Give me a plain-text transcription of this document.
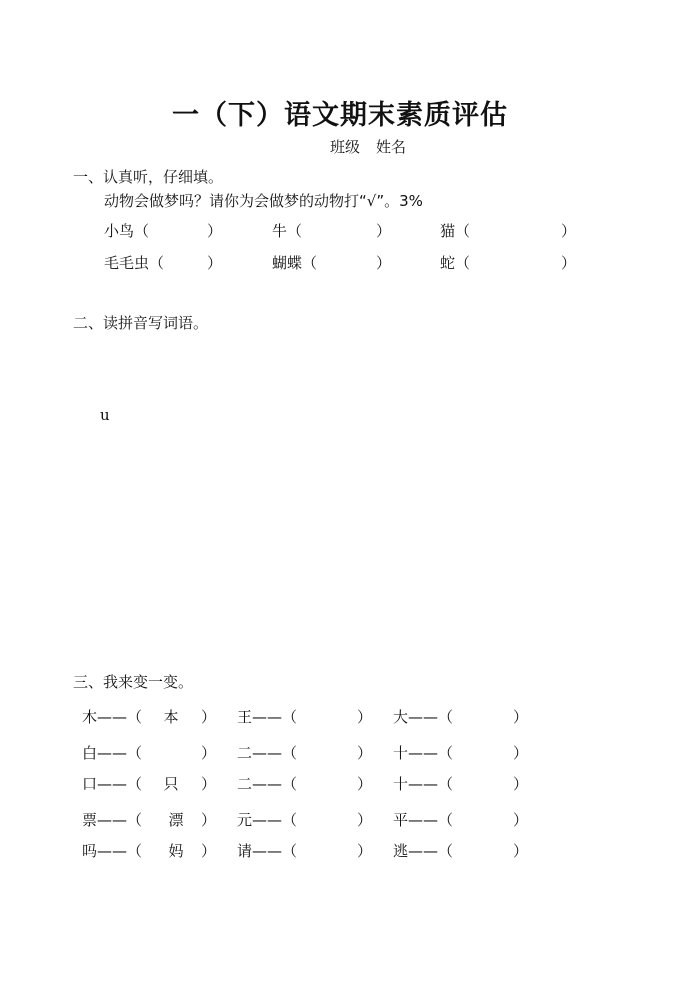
一（下）语文期末素质评估
班级 姓名
一、认真听，仔细填。
动物会做梦吗？请你为会做梦的动物打“√”。3%
小鸟（	）	牛（	）	猫（	）
毛毛虫（	）	蝴蝶（	）	蛇（	）
二、读拼音写词语。
u
三、我来变一变。
木——（	本	） 王——（	） 大——（	）
白——（	） 二——（	） 十——（	）
口——（	只	） 二——（	） 十——（	）
票——（	漂	） 元——（	） 平——（	）
吗——（	妈	） 请——（	） 逃——（	）
